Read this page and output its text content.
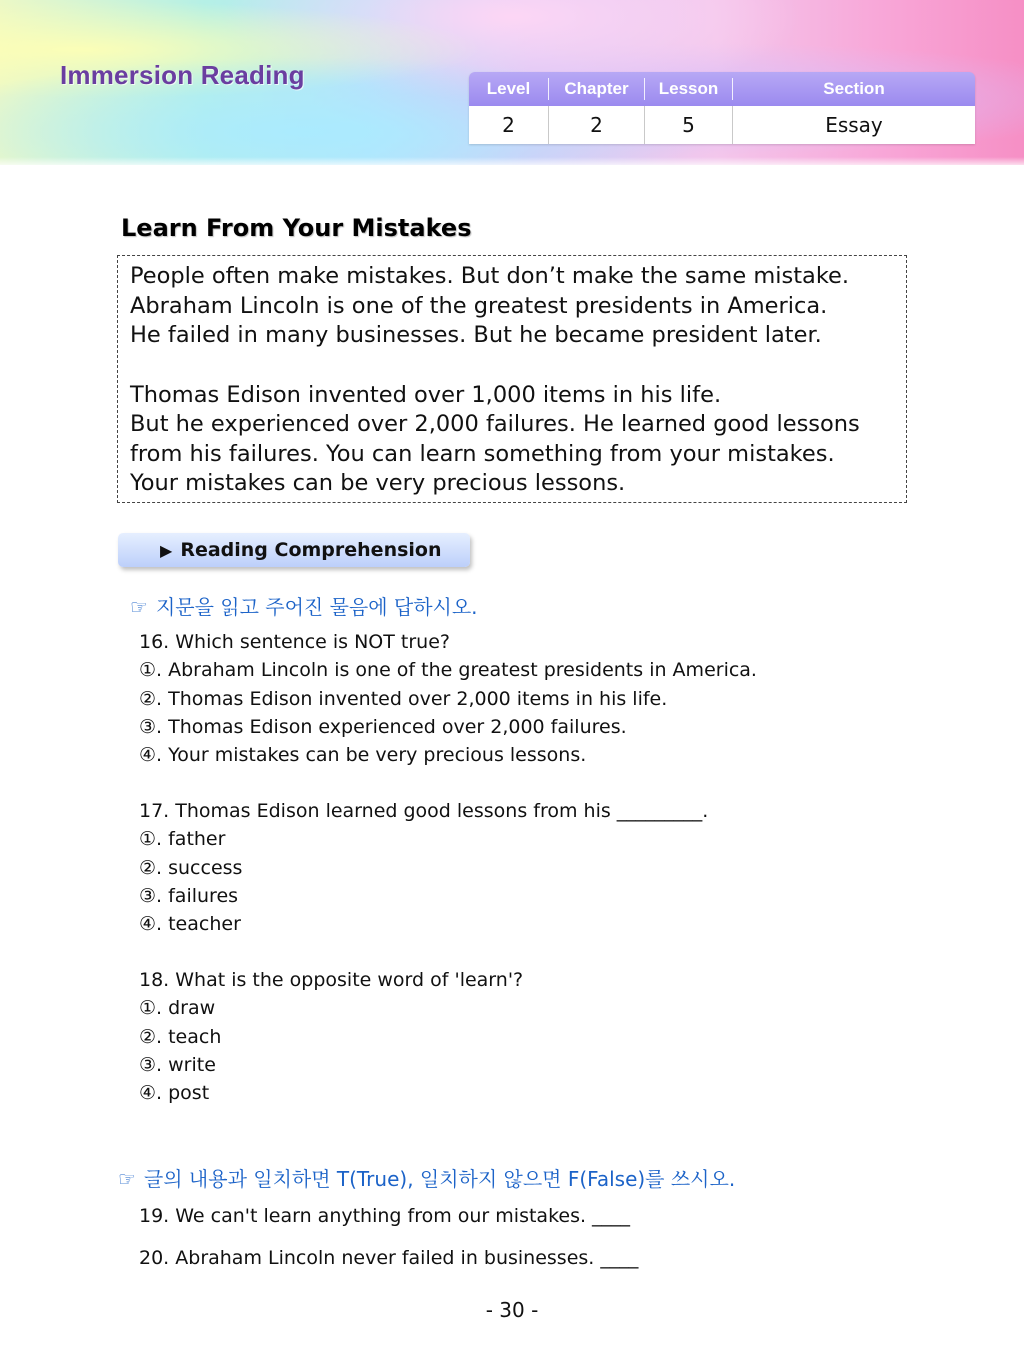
Immersion Reading	Level	Chapter	Lesson	Section
2	2	5	Essay
Learn From Your Mistakes

People often make mistakes. But don’t make the same mistake.

Abraham Lincoln is one of the greatest presidents in America.

He failed in many businesses. But he became president later.

Thomas Edison invented over 1,000 items in his life.

But he experienced over 2,000 failures. He learned good lessons

from his failures. You can learn something from your mistakes.

Your mistakes can be very precious lessons.

▶ Reading Comprehension
☞ 지문을 읽고 주어진 물음에 답하시오.
16. Which sentence is NOT true?
①. Abraham Lincoln is one of the greatest presidents in America.
②. Thomas Edison invented over 2,000 items in his life.
③. Thomas Edison experienced over 2,000 failures.
④. Your mistakes can be very precious lessons.
17. Thomas Edison learned good lessons from his _________.
①. father
②. success
③. failures
④. teacher
18. What is the opposite word of 'learn'?
①. draw
②. teach
③. write
④. post
☞ 글의 내용과 일치하면 T(True), 일치하지 않으면 F(False)를 쓰시오.
19. We can't learn anything from our mistakes. ____
20. Abraham Lincoln never failed in businesses. ____
- 30 -
